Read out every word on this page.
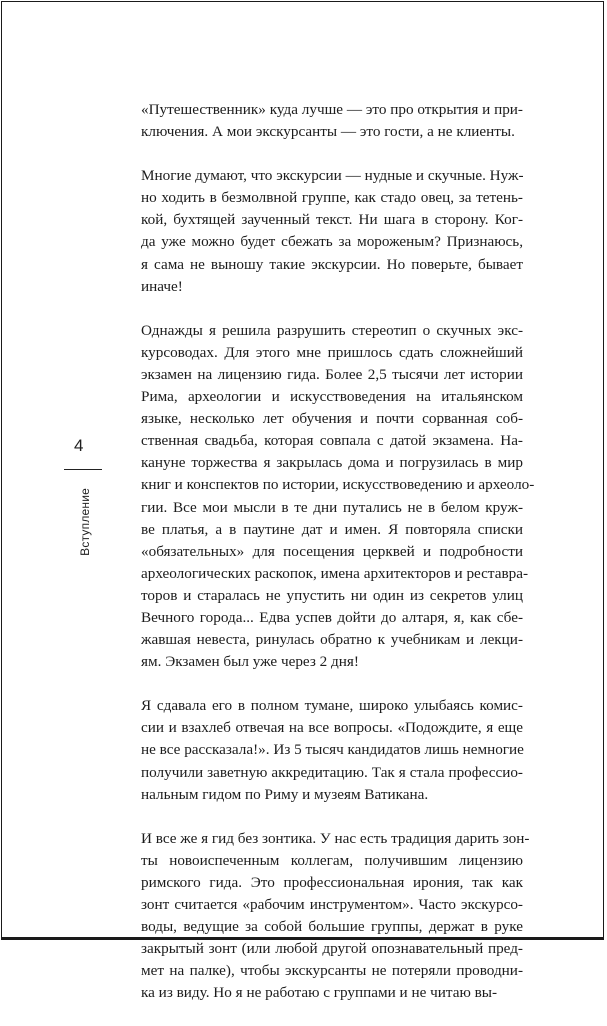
4
Вступление
«Путешественник» куда лучше — это про открытия и при-
ключения. А мои экскурсанты — это гости, а не клиенты.
Многие думают, что экскурсии — нудные и скучные. Нуж-
но ходить в безмолвной группе, как стадо овец, за тетень-
кой, бухтящей заученный текст. Ни шага в сторону. Ког-
да уже можно будет сбежать за мороженым? Признаюсь,
я сама не выношу такие экскурсии. Но поверьте, бывает
иначе!
Однажды я решила разрушить стереотип о скучных экс-
курсоводах. Для этого мне пришлось сдать сложнейший
экзамен на лицензию гида. Более 2,5 тысячи лет истории
Рима, археологии и искусствоведения на итальянском
языке, несколько лет обучения и почти сорванная соб-
ственная свадьба, которая совпала с датой экзамена. На-
кануне торжества я закрылась дома и погрузилась в мир
книг и конспектов по истории, искусствоведению и археоло-
гии. Все мои мысли в те дни путались не в белом круж-
ве платья, а в паутине дат и имен. Я повторяла списки
«обязательных» для посещения церквей и подробности
археологических раскопок, имена архитекторов и реставра-
торов и старалась не упустить ни один из секретов улиц
Вечного города... Едва успев дойти до алтаря, я, как сбе-
жавшая невеста, ринулась обратно к учебникам и лекци-
ям. Экзамен был уже через 2 дня!
Я сдавала его в полном тумане, широко улыбаясь комис-
сии и взахлеб отвечая на все вопросы. «Подождите, я еще
не все рассказала!». Из 5 тысяч кандидатов лишь немногие
получили заветную аккредитацию. Так я стала профессио-
нальным гидом по Риму и музеям Ватикана.
И все же я гид без зонтика. У нас есть традиция дарить зон-
ты новоиспеченным коллегам, получившим лицензию
римского гида. Это профессиональная ирония, так как
зонт считается «рабочим инструментом». Часто экскурсо-
воды, ведущие за собой большие группы, держат в руке
закрытый зонт (или любой другой опознавательный пред-
мет на палке), чтобы экскурсанты не потеряли проводни-
ка из виду. Но я не работаю с группами и не читаю вы-
